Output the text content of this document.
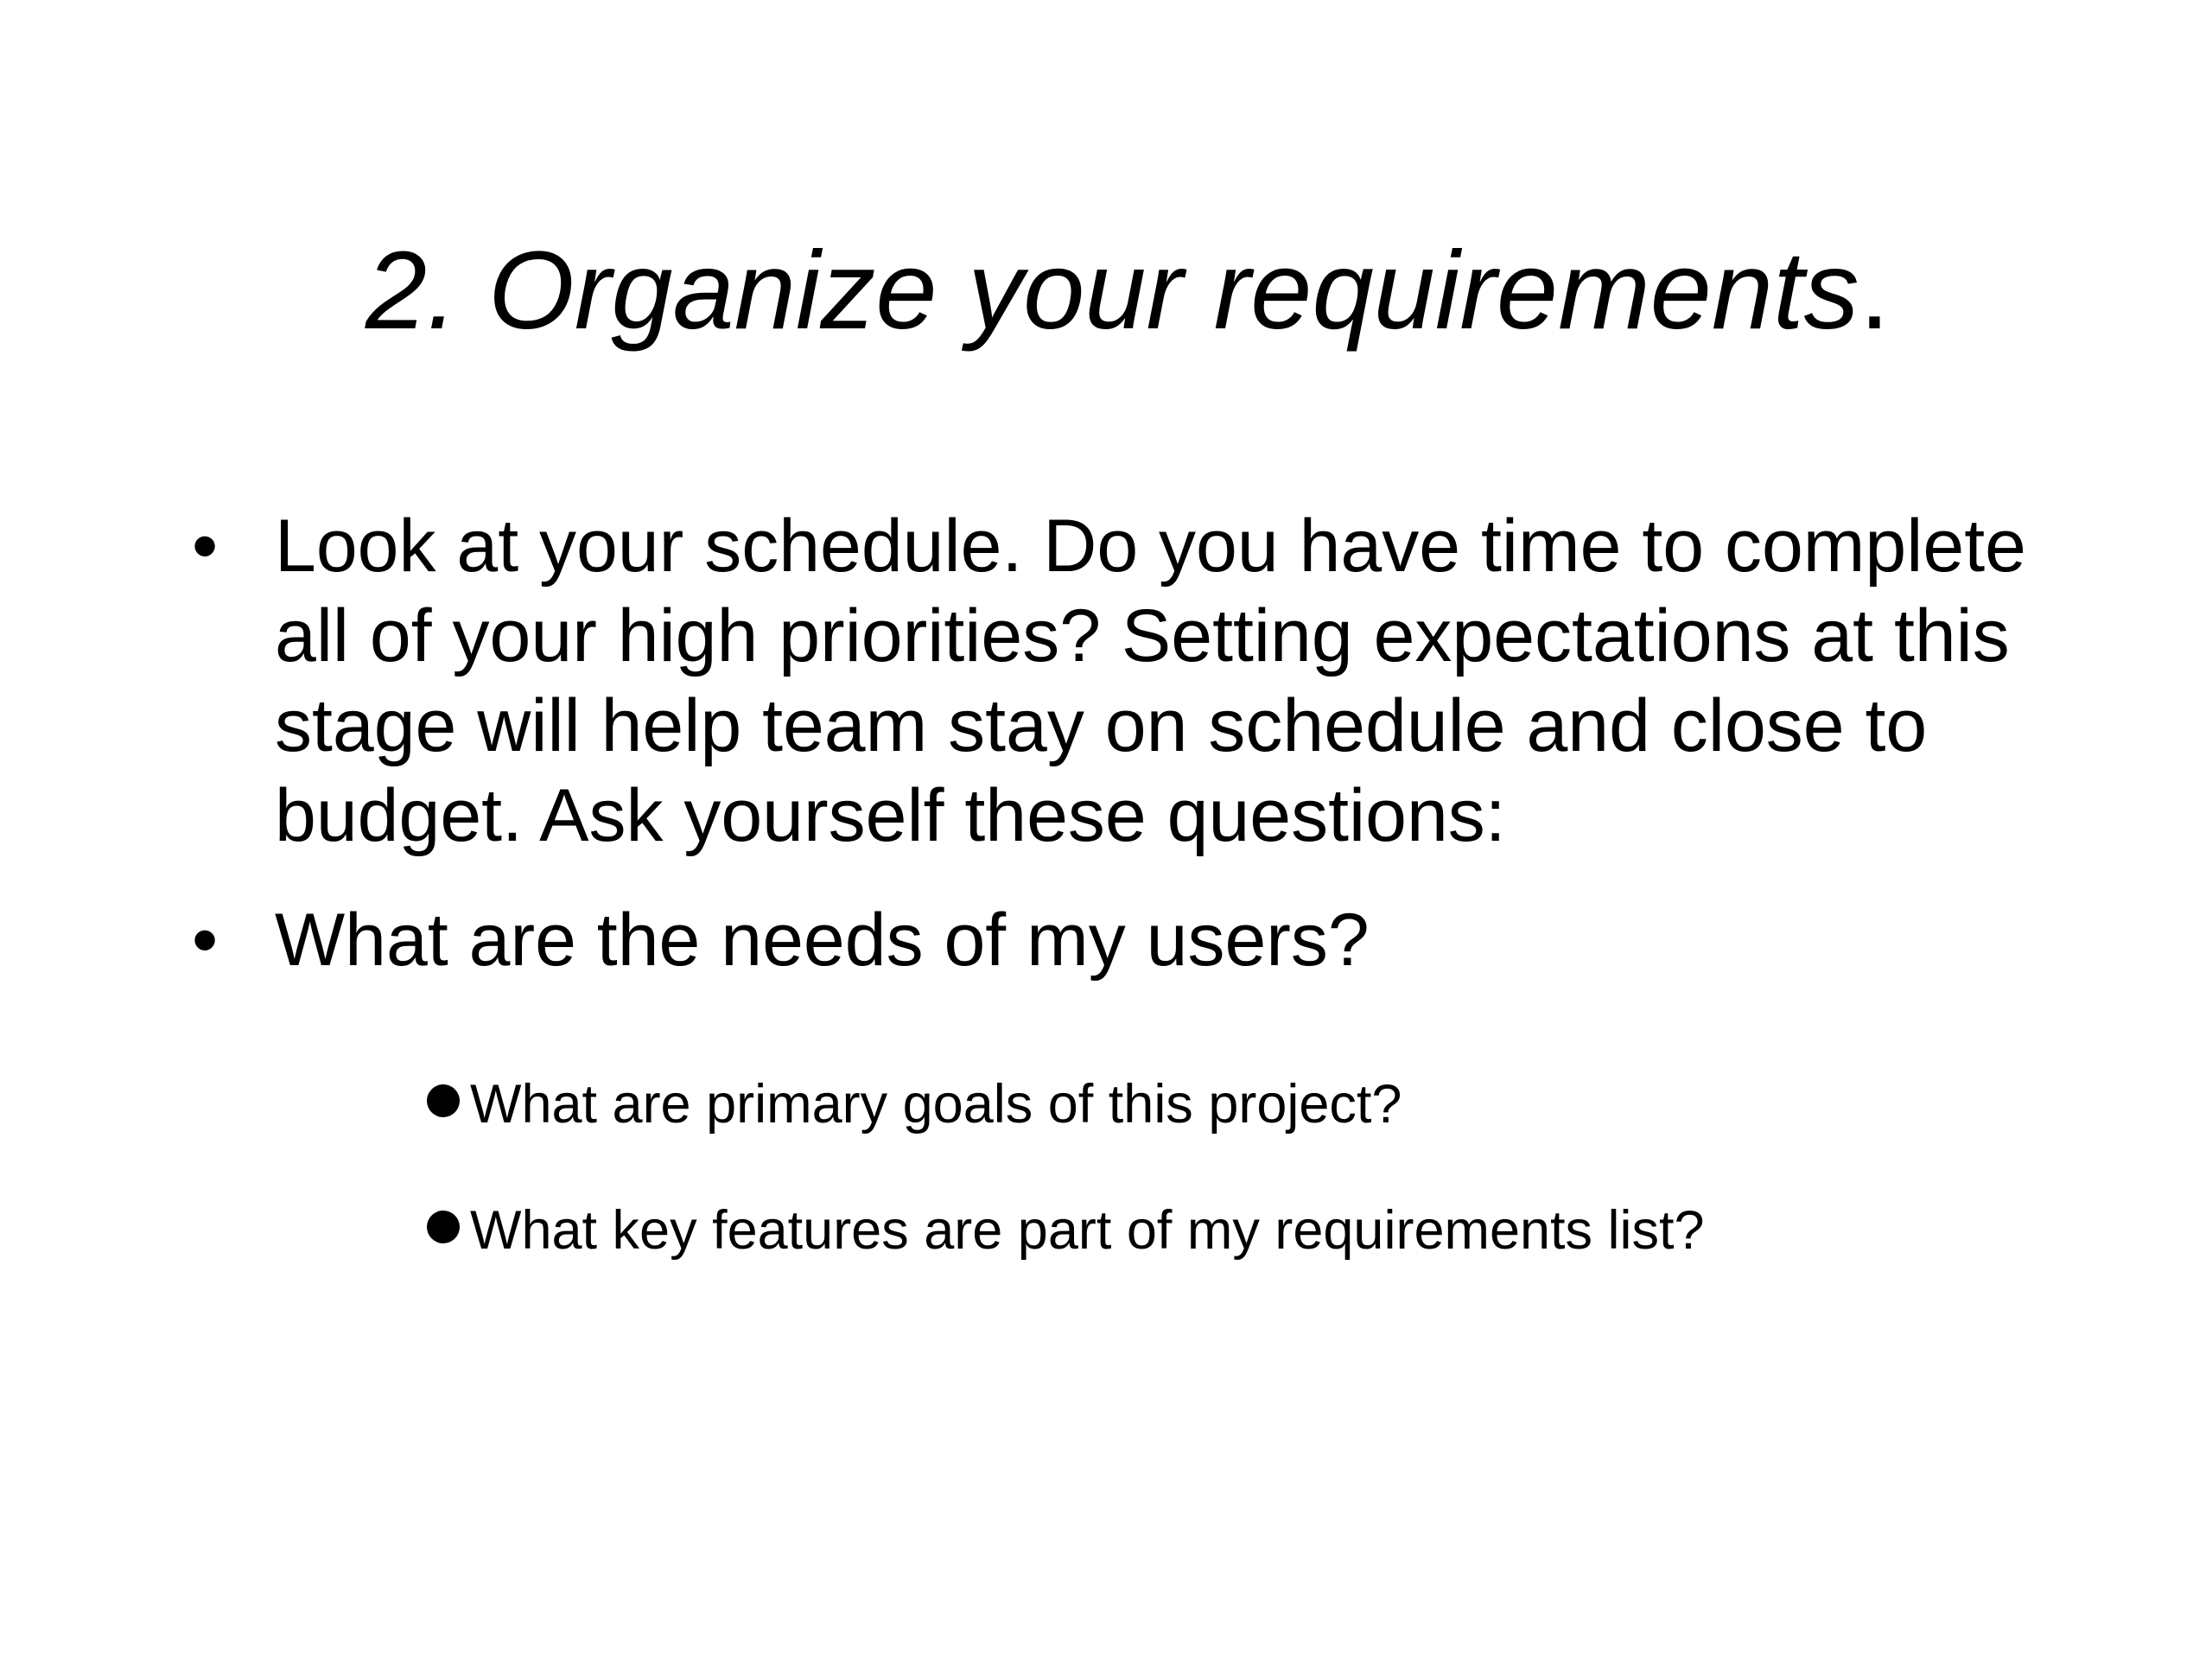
2. Organize your requirements.
• Look at your schedule. Do you have time to complete all of your high priorities? Setting expectations at this stage will help team stay on schedule and close to budget. Ask yourself these questions:
• What are the needs of my users?
What are primary goals of this project?
What key features are part of my requirements list?
